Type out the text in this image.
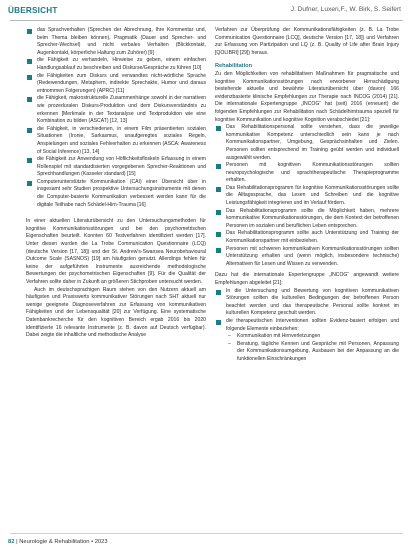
ÜBERSICHT	J. Dufner, Luxen,F., W. Birk, S. Seifert
das Sprachverhalten (Sprechen der Abrechnung, Ihre Kommentar und, beim Thema bleiben können), Pragmatik (Dauer und Sprecher- und Sprecher-Wechsel) und nicht verbales Verhalten (Blickkontakt, Augenkontakt, körperliche Haltung zum Zuhörer) [9]
die Fähigkeit zu verhandeln, Hinweise zu geben, einem einfachen Handlungsablauf zu beschreiben und Diskurse/Gespräche zu führen [10]
die Fähigkeiten zum Diskurs und verwandtes nicht-wörtliche Sprache (Redewendungen, Metaphern, indirekte Sprechakte, Humor und daraus entnommen Folgerungen) (APRC) [11]
die Fähigkeit, makrostrukturelle Zusammenhänge sowohl in der narrativen wie prozeduralen Diskurs-Produktion und dem Diskursverständnis zu erkennen [Merkmale in der Textanalyse und Textproduktion wie eine Kombination zu bilden (ASCAT) [12, 13]
die Fähigkeit, in verschiedenen, in einem Film präsentierten sozialen Situationen (Ironie, Sarkasmus, unaufgeregtes soziales Regeln, Anspielungen und soziales Fehlverhalten zu erkennen (ASCA: Awareness of Social Inference) [13, 14]
die Fähigkeit zur Anwendung von Höflichkeitsfloskeln Erfassung in einem Rollenspiel mit standardisierten vorgegebenen Sprecher-Reaktionen und Sprechhandlungen (Kasseler standard) [15]
Computerunterstützte Kommunikation (CAI) einer Übersicht über in insgesamt sehr Studien prospektive Untersuchungsinstrumente mit denen die Computer-basierte Kommunikation verbessert werden kann für die digitale Teilhabe nach Schädel-Hirn-Trauma [16]

In einer aktuellen Literaturübersicht zu den Untersuchungsmethoden für kognitive Kommunikationsstörungen und bei den psychometrischen Eigenschaften beurteilt. Konnten 60 Testverfahren identifiziert werden [17]. Unter diesen wurden die La Trobe Communication Questionnaire (LCQ) (deutsche Version [17, 18]) und der St. Andrew's-Swansea Neurobehavioural Outcome Scale (SASNOS) [19] am häufigsten genutzt. Allerdings fehlen für keine der aufgeführten Instrumente ausreichende methodologische Bewertungen der psychometrischen Eigenschaften [9]. Für die Qualität der Verfahren sollte daher in Zukunft an größeren Stichproben untersucht werden.

Auch im deutschsprachigen Raum stehen von den Nutzern aktuell am häufigsten und Praxiswerts kommunikativer Störungen nach SHT aktuell nur wenige geeignete Diagnoseverfahren zur Erfassung von kommunikativen Fähigkeiten und der Lebensqualität [20] zur Verfügung. Eine systematische Datenbankrecherche für den kognitiven Bereich ergab 2016 bis 2020 identifizierte 16 relevante Instrumente (z. B. davon auf Deutsch verfügbar). Dabei zeigte die inhaltliche und methodische Analyse

Verfahren zur Überprüfung der Kommunikationsfähigkeiten (z. B. La Trobe Communication Questionnaire [LCQ], deutsche Version [17, 18]) und Verfahren zur Erfassung von Partizipation und LQ (z. B. Quality of Life after Brain Injury [QOLIBRI] [29]) heraus.

Rehabilitation

Zu den Möglichkeiten von rehabilitativen Maßnahmen für pragmatische und kognitive Kommunikationsstörungen nach erworbener Hirnschädigung bestehende aktuelle und bewährte Literaturübersicht über (davon) 166 evidenzbasierte klinische Empfehlungen zur Therapie nach INCOG (2014) [21]. Die internationale Expertengruppe „INCOG“ hat (seit) 2016 (erneuert) die folgenden Empfehlungen zur Rehabilitation nach Schädelhirntrauma speziell für kognitive Kommunikation und kognitive Kognition verabschiedet [21]:

Das Rehabilitationspersonal sollte verstehen, dass die jeweilige kommunikative Kompetenz unterschiedlich sein kann je nach Kommunikationspartner, Umgebung, Gesprächsinhalten und Zielen. Personen sollten entsprechend im Training geübt werden und individuell ausgewählt werden.
Personen mit kognitiven Kommunikationsstörungen sollten neuropsychologische und sprachtherapeutische Therapieprogramme erhalten.
Das Rehabilitationsprogramm für kognitive Kommunikationsstörungen sollte die Alltagssprache, das Lesen und Schreiben und die kognitive Leistungsfähigkeit integrieren und im Verlauf fördern.
Das Rehabilitationsprogramm sollte die Möglichkeit haben, mehrere kommunikative Kommunikationsstörungen, die dem Kontext der betroffenen Personen im sozialen und beruflichen Leben entsprechen.
Das Rehabilitationsprogramm sollte auch Unterstützung und Training der Kommunikationspartner mit einbeziehen.
Personen mit schweren kommunikativen Kommunikationsstörungen sollten Unterstützung erhalten und (wenn möglich, insbesondere technische) Alternativen für Lesen und Wissen zu verwenden.

Dazu hat die internationale Expertengruppe „INCOG“ angewandt weitere Empfehlungen abgeleitet [21]:

In die Untersuchung und Bewertung von kognitiven kommunikativen Störungen sollten die kulturellen Bedingungen der betroffenen Person beachtet werden und das therapeutische Personal sollte konkret im kulturellen Kompetenz geschult werden.
die therapeutischen Interventionen sollten Evidenz-basiert erfolgen und folgende Elemente einbeziehen:
– Kommunikation mit Hirnverletzungen
– Beratung, tägliche Kennen und Gespräche mit Personen, Anpassung der Kommunikationsumgebung, Ausbauen bei der Anpassung an die funktionellen Einschränkungen
82 | Neurologie & Rehabilitation • 2023
